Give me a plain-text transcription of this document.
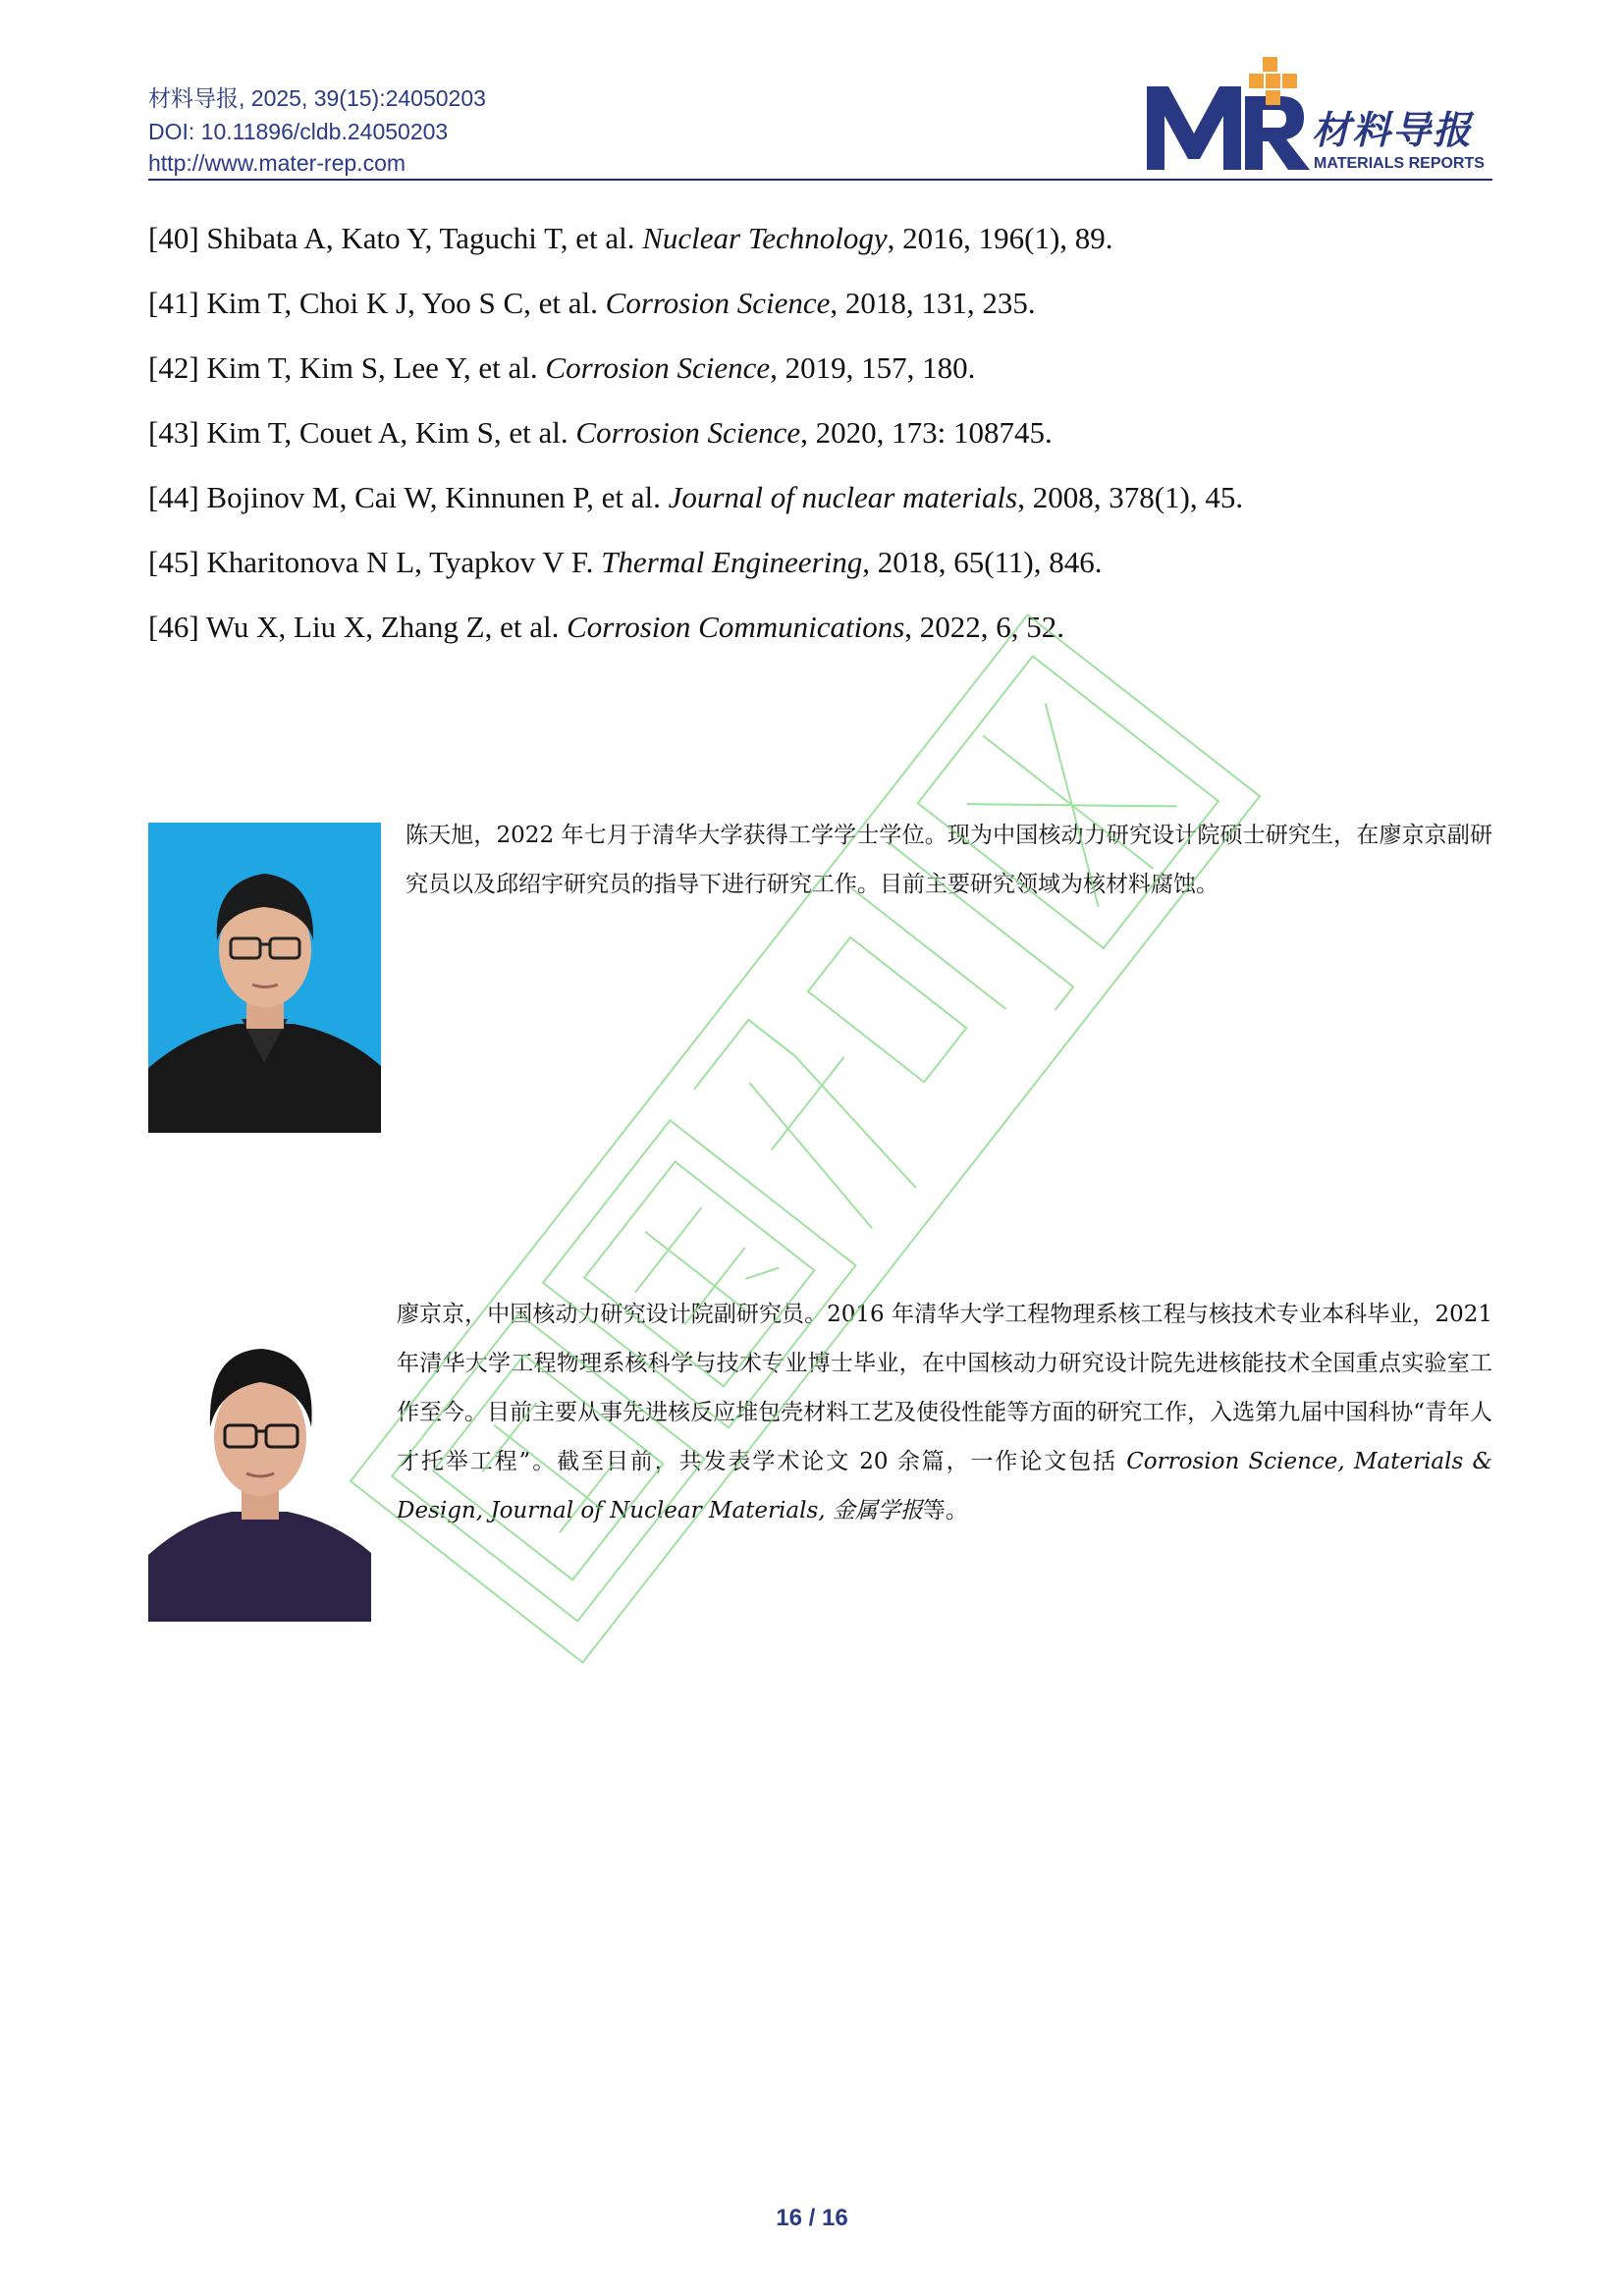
材料导报, 2025, 39(15):24050203
DOI: 10.11896/cldb.24050203
http://www.mater-rep.com
材料导报
MATERIALS REPORTS
[40] Shibata A, Kato Y, Taguchi T, et al. Nuclear Technology, 2016, 196(1), 89.
[41] Kim T, Choi K J, Yoo S C, et al. Corrosion Science, 2018, 131, 235.
[42] Kim T, Kim S, Lee Y, et al. Corrosion Science, 2019, 157, 180.
[43] Kim T, Couet A, Kim S, et al. Corrosion Science, 2020, 173: 108745.
[44] Bojinov M, Cai W, Kinnunen P, et al. Journal of nuclear materials, 2008, 378(1), 45.
[45] Kharitonova N L, Tyapkov V F. Thermal Engineering, 2018, 65(11), 846.
[46] Wu X, Liu X, Zhang Z, et al. Corrosion Communications, 2022, 6, 52.
陈天旭，2022 年七月于清华大学获得工学学士学位。现为中国核动力研究设计院硕士研究生，在廖京京副研究员以及邱绍宇研究员的指导下进行研究工作。目前主要研究领域为核材料腐蚀。
廖京京，中国核动力研究设计院副研究员。2016 年清华大学工程物理系核工程与核技术专业本科毕业，2021 年清华大学工程物理系核科学与技术专业博士毕业，在中国核动力研究设计院先进核能技术全国重点实验室工作至今。目前主要从事先进核反应堆包壳材料工艺及使役性能等方面的研究工作，入选第九届中国科协“青年人才托举工程”。截至目前，共发表学术论文 20 余篇，一作论文包括 Corrosion Science, Materials & Design, Journal of Nuclear Materials, 金属学报等。
16 / 16
